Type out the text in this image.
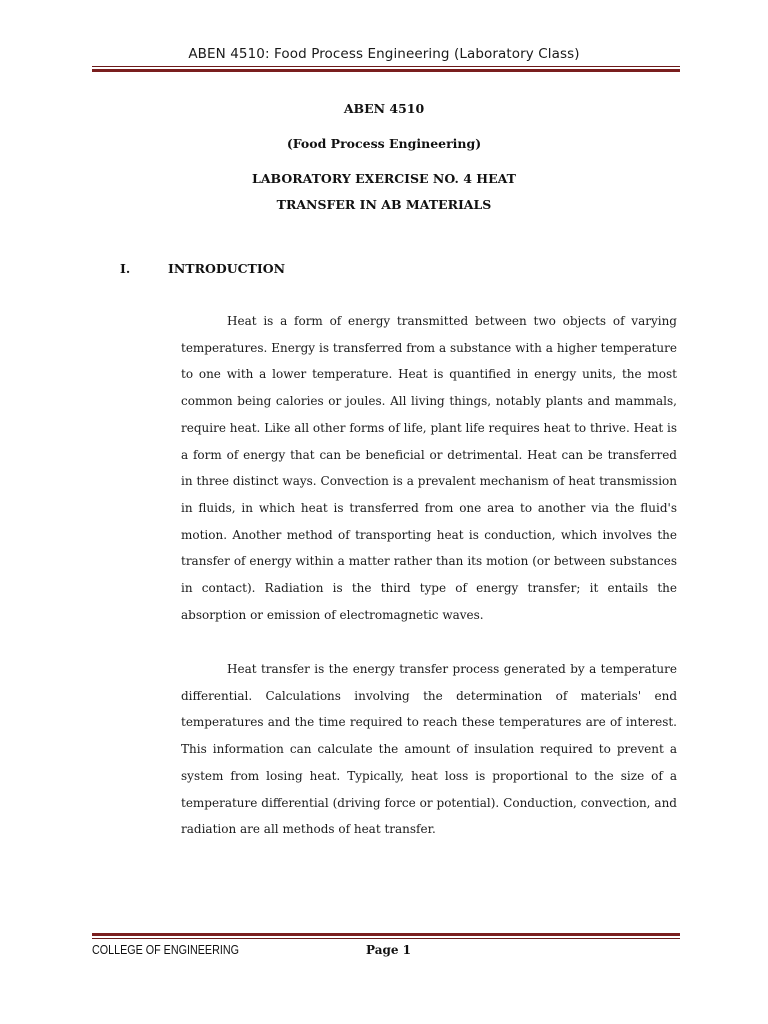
ABEN 4510: Food Process Engineering (Laboratory Class)
ABEN 4510
(Food Process Engineering)
LABORATORY EXERCISE NO. 4 HEAT
TRANSFER IN AB MATERIALS
I.	INTRODUCTION

Heat is a form of energy transmitted between two objects of varying temperatures. Energy is transferred from a substance with a higher temperature to one with a lower temperature. Heat is quantified in energy units, the most common being calories or joules. All living things, notably plants and mammals, require heat. Like all other forms of life, plant life requires heat to thrive. Heat is a form of energy that can be beneficial or detrimental. Heat can be transferred in three distinct ways. Convection is a prevalent mechanism of heat transmission in fluids, in which heat is transferred from one area to another via the fluid's motion. Another method of transporting heat is conduction, which involves the transfer of energy within a matter rather than its motion (or between substances in contact). Radiation is the third type of energy transfer; it entails the absorption or emission of electromagnetic waves.

Heat transfer is the energy transfer process generated by a temperature differential. Calculations involving the determination of materials' end temperatures and the time required to reach these temperatures are of interest. This information can calculate the amount of insulation required to prevent a system from losing heat. Typically, heat loss is proportional to the size of a temperature differential (driving force or potential). Conduction, convection, and radiation are all methods of heat transfer.

COLLEGE OF ENGINEERING	Page 1
